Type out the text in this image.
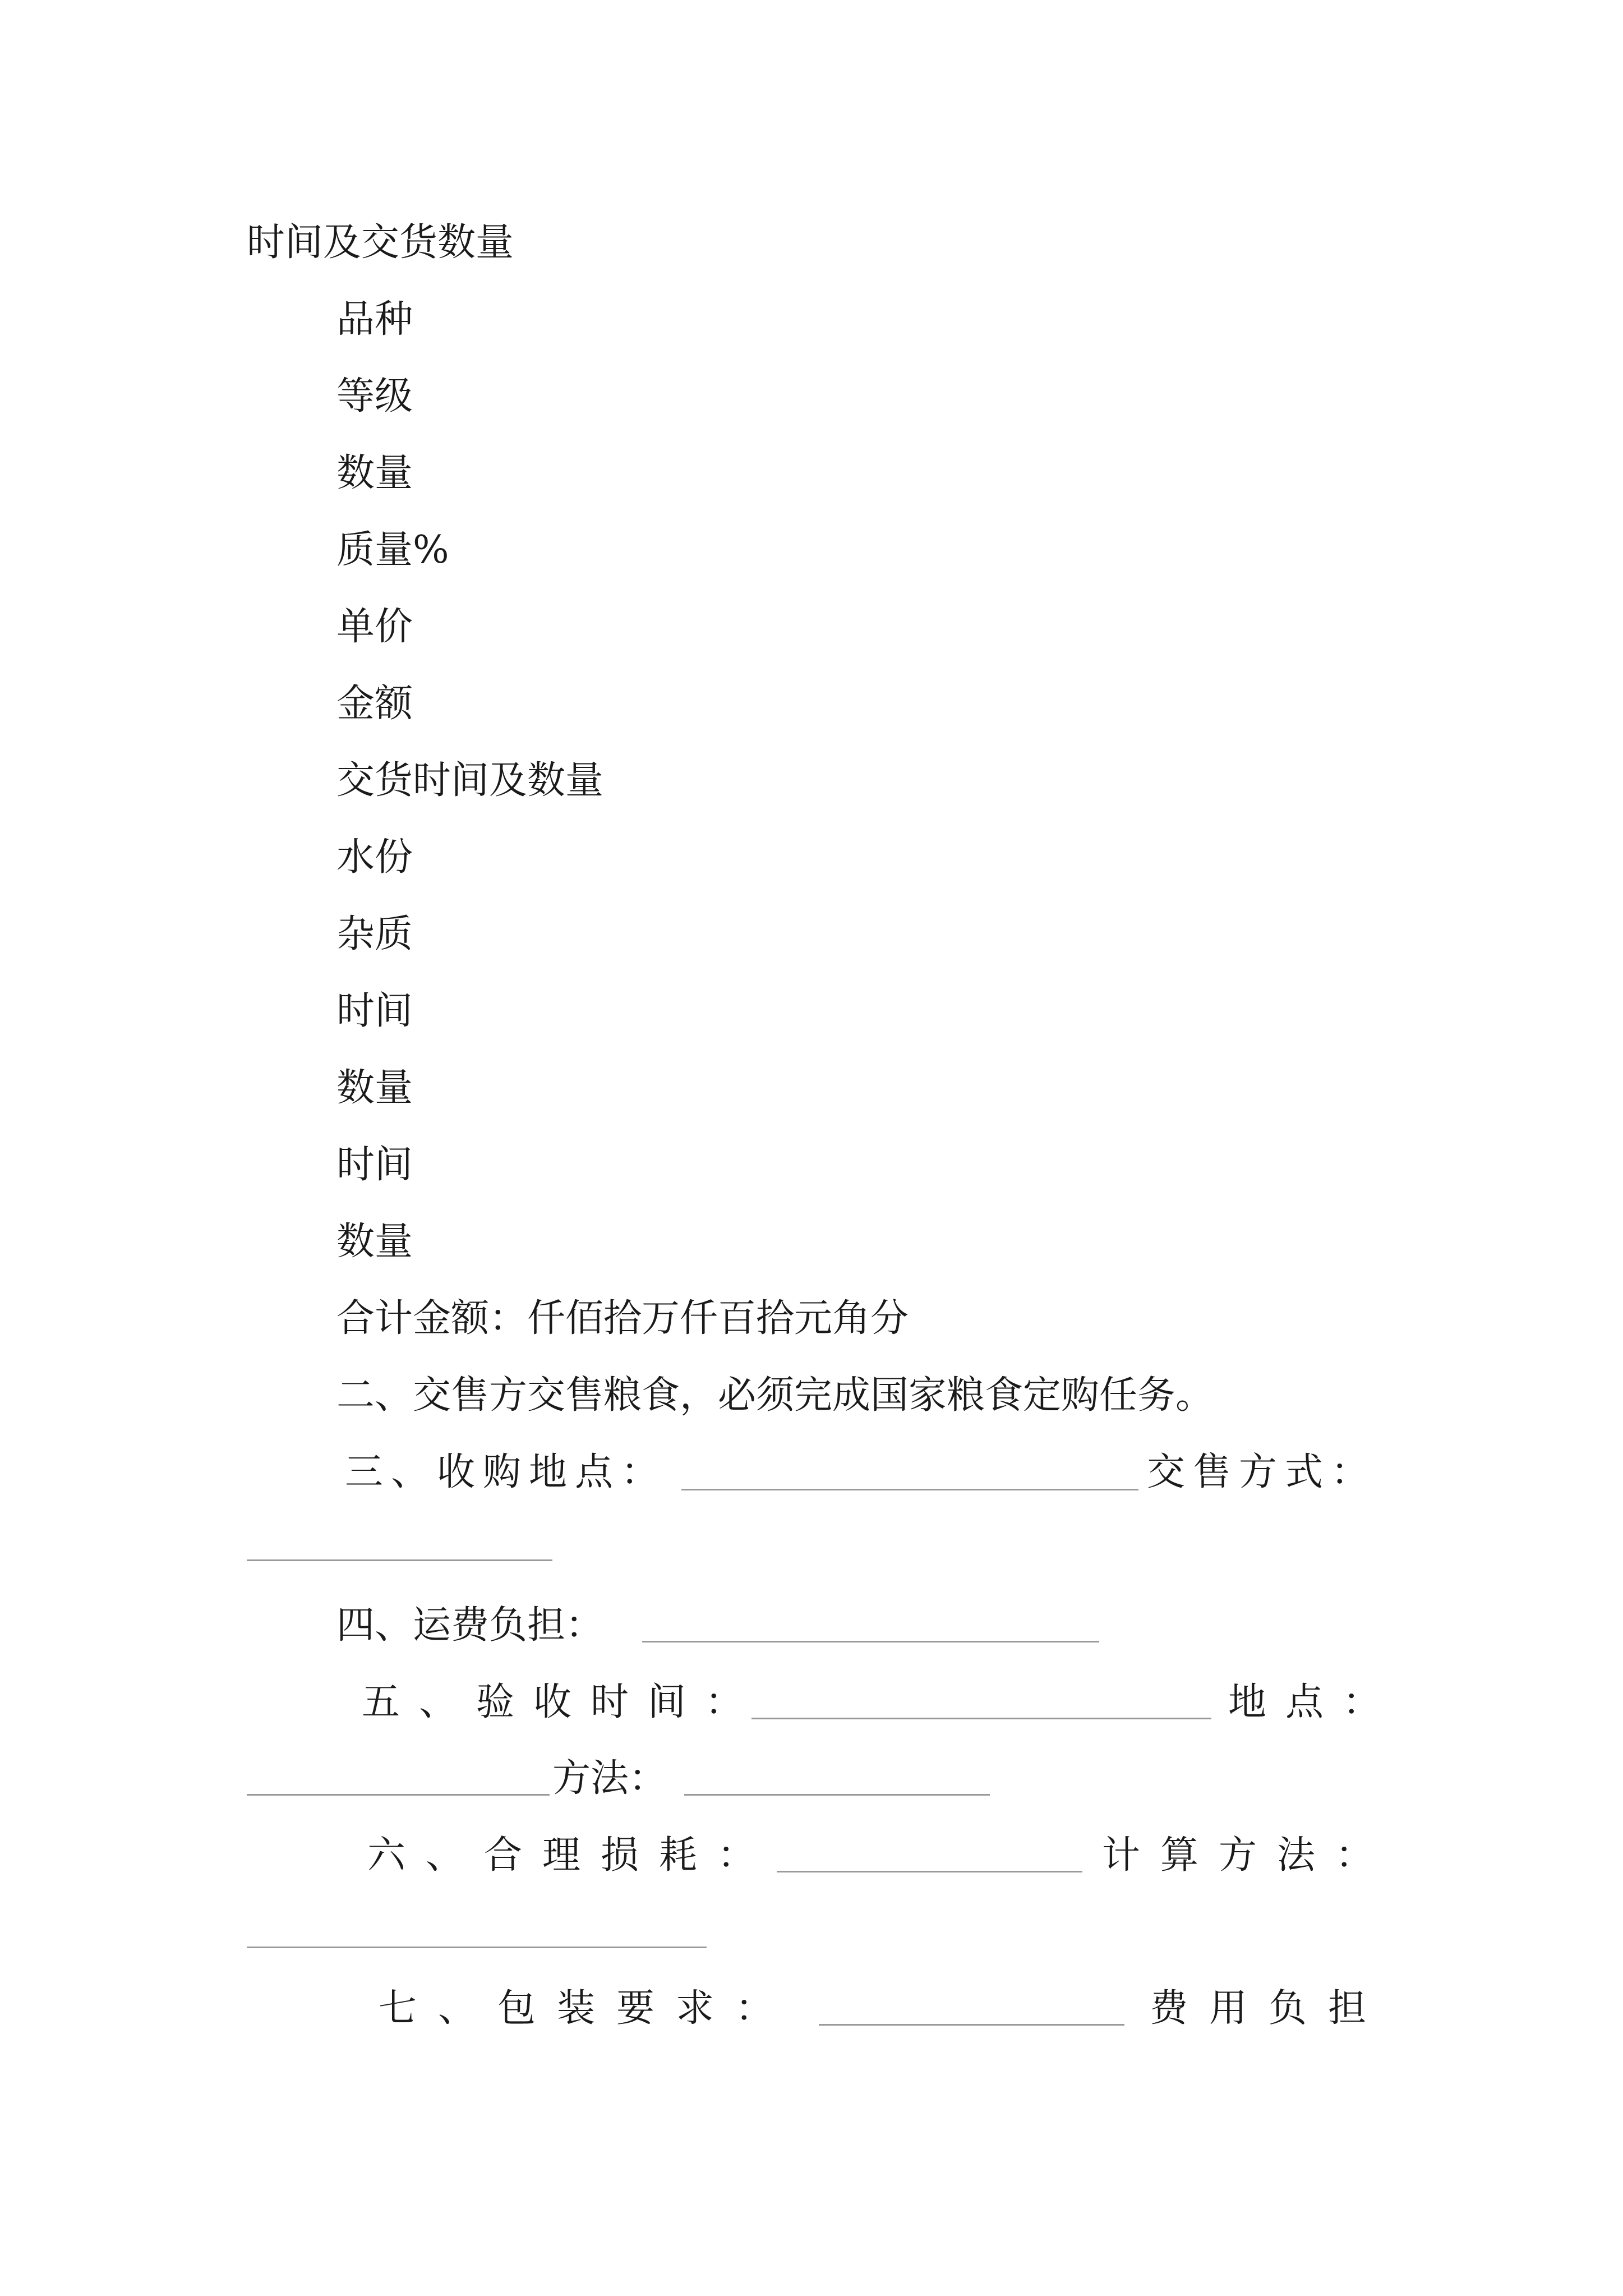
时间及交货数量
品种
等级
数量
质量%
单价
金额
交货时间及数量
水份
杂质
时间
数量
时间
数量
合计金额：仟佰拾万仟百拾元角分
二、交售方交售粮食，必须完成国家粮食定购任务。
三、收购地点：	交售方式：
四、运费负担：
五、验收时间：	地点：
方法：
六、合理损耗：	计算方法：
七、包装要求：	费用负担
